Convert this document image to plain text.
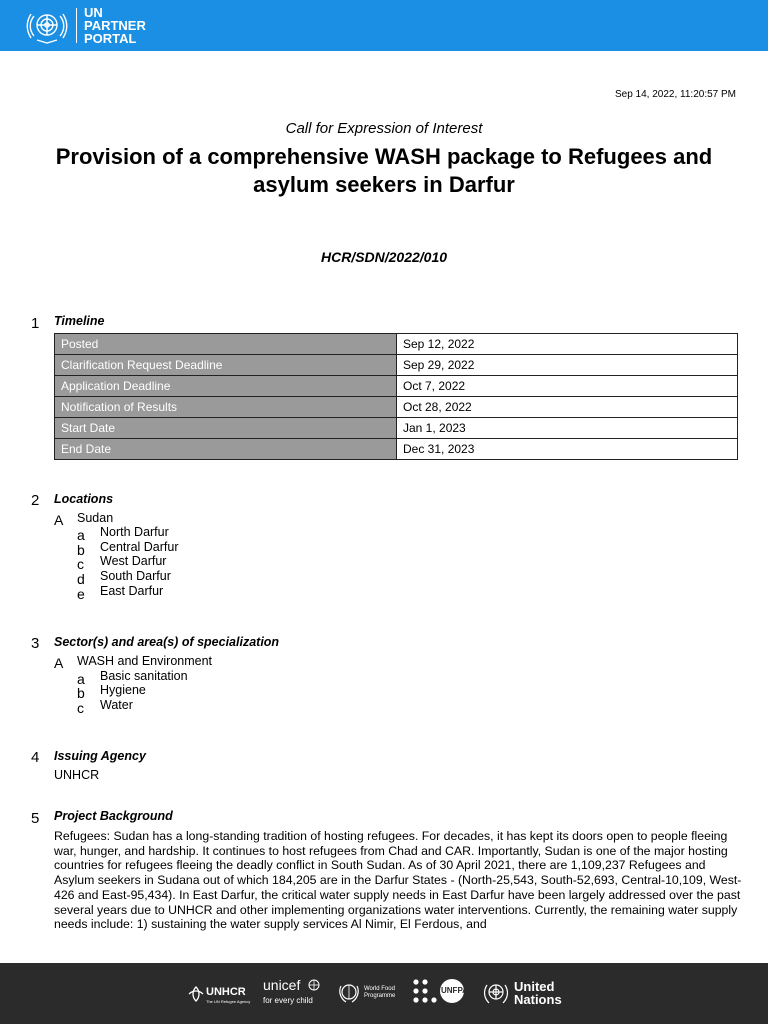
UN
PARTNER
PORTAL
Sep 14, 2022, 11:20:57 PM
Call for Expression of Interest
Provision of a comprehensive WASH package to Refugees and asylum seekers in Darfur
HCR/SDN/2022/010
1 Timeline
Posted	Sep 12, 2022
Clarification Request Deadline	Sep 29, 2022
Application Deadline	Oct 7, 2022
Notification of Results	Oct 28, 2022
Start Date	Jan 1, 2023
End Date	Dec 31, 2023
2 Locations
A Sudan
a North Darfur
b Central Darfur
c West Darfur
d South Darfur
e East Darfur
3 Sector(s) and area(s) of specialization
A WASH and Environment
a Basic sanitation
b Hygiene
c Water
4 Issuing Agency
UNHCR
5 Project Background

Refugees: Sudan has a long-standing tradition of hosting refugees. For decades, it has kept its doors open to people fleeing war, hunger, and hardship. It continues to host refugees from Chad and CAR. Importantly, Sudan is one of the major hosting countries for refugees fleeing the deadly conflict in South Sudan. As of 30 April 2021, there are 1,109,237 Refugees and Asylum seekers in Sudana out of which 184,205 are in the Darfur States - (North-25,543, South-52,693, Central-10,109, West-426 and East-95,434). In East Darfur, the critical water supply needs in East Darfur have been largely addressed over the past several years due to UNHCR and other implementing organizations water interventions. Currently, the remaining water supply needs include: 1) sustaining the water supply services Al Nimir, El Ferdous, and

UNHCR
The UN Refugee Agency
unicef
for every child
World Food
Programme
UNFPA	United
Nations
